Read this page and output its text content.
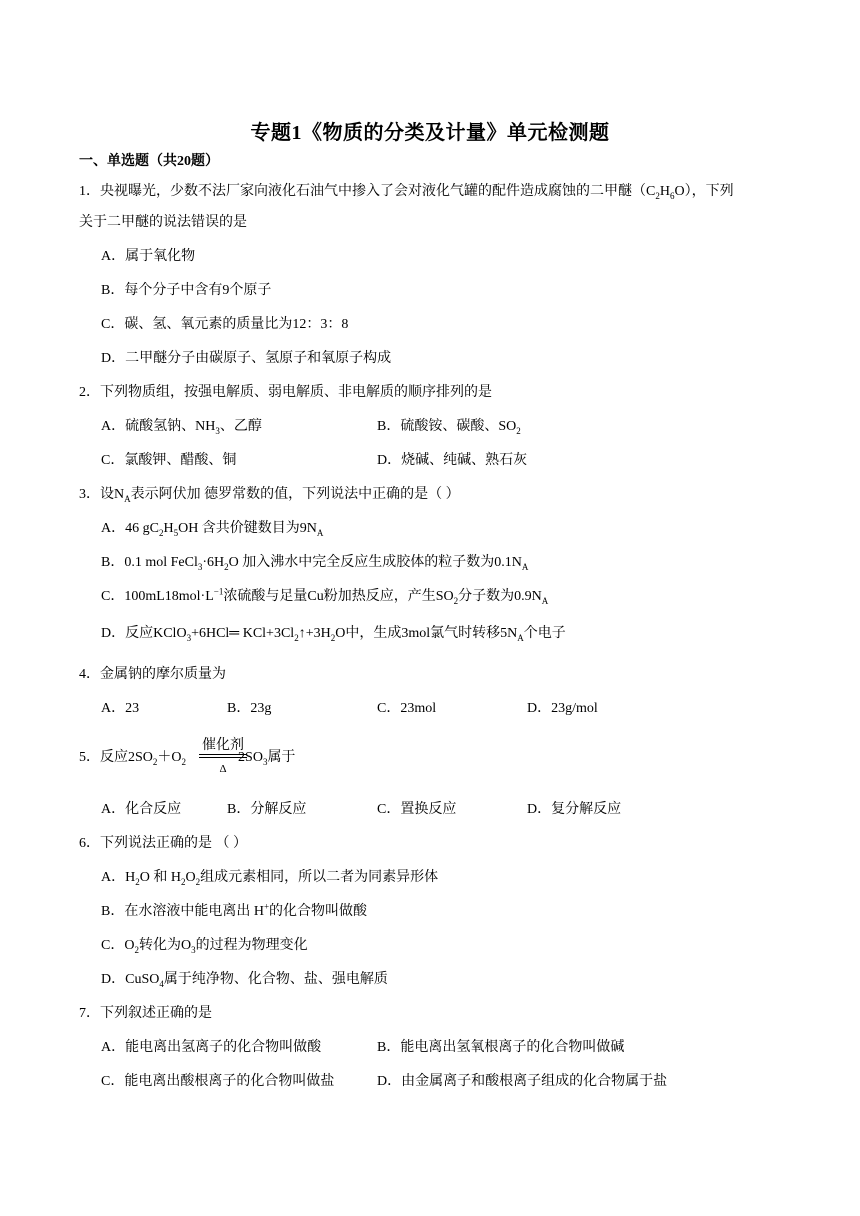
专题1《物质的分类及计量》单元检测题
一、单选题（共20题）
1．央视曝光，少数不法厂家向液化石油气中掺入了会对液化气罐的配件造成腐蚀的二甲醚$(C_2H_6O)$，下列
关于二甲醚的说法错误的是
A．属于氧化物
B．每个分子中含有9个原子
C．碳、氢、氧元素的质量比为12：3：8
D．二甲醚分子由碳原子、氢原子和氧原子构成
2．下列物质组，按强电解质、弱电解质、非电解质的顺序排列的是
A．硫酸氢钠、$NH_3$、乙醇	B．硫酸铵、碳酸、$SO_2$
C．氯酸钾、醋酸、铜	D．烧碱、纯碱、熟石灰
3．设$N_A$表示阿伏加 德罗常数的值，下列说法中正确的是（ ）
A．46 $gC_2H_5OH$ 含共价键数目为$9N_A$
B．0.1 mol $FeCl_3\cdot 6H_2O$ 加入沸水中完全反应生成胶体的粒子数为$0.1N_A$
C．$100mL18mol\cdot L^{-1}$浓硫酸与足量Cu粉加热反应，产生$SO_2$分子数为$0.9N_A$
D．反应KClO$_3$+6HCl═ $KCl+3Cl_2↑+3H_2O$中，生成3mol氯气时转移$5N_A$个电子
4．金属钠的摩尔质量为
A．23	B．23g	C．23mol	D．23g/mol
5．反应$2SO_2+O_2$	$2SO_3$属于
催化剂
Δ
A．化合反应	B．分解反应	C．置换反应	D．复分解反应
6．下列说法正确的是 （ ）
A．$H_2O$ 和 $H_2O_2$组成元素相同，所以二者为同素异形体
B．在水溶液中能电离出 H+的化合物叫做酸
C．$O_2$转化为$O_3$的过程为物理变化
D．CuSO$_4$属于纯净物、化合物、盐、强电解质
7．下列叙述正确的是
A．能电离出氢离子的化合物叫做酸	B．能电离出氢氧根离子的化合物叫做碱
C．能电离出酸根离子的化合物叫做盐	D．由金属离子和酸根离子组成的化合物属于盐
